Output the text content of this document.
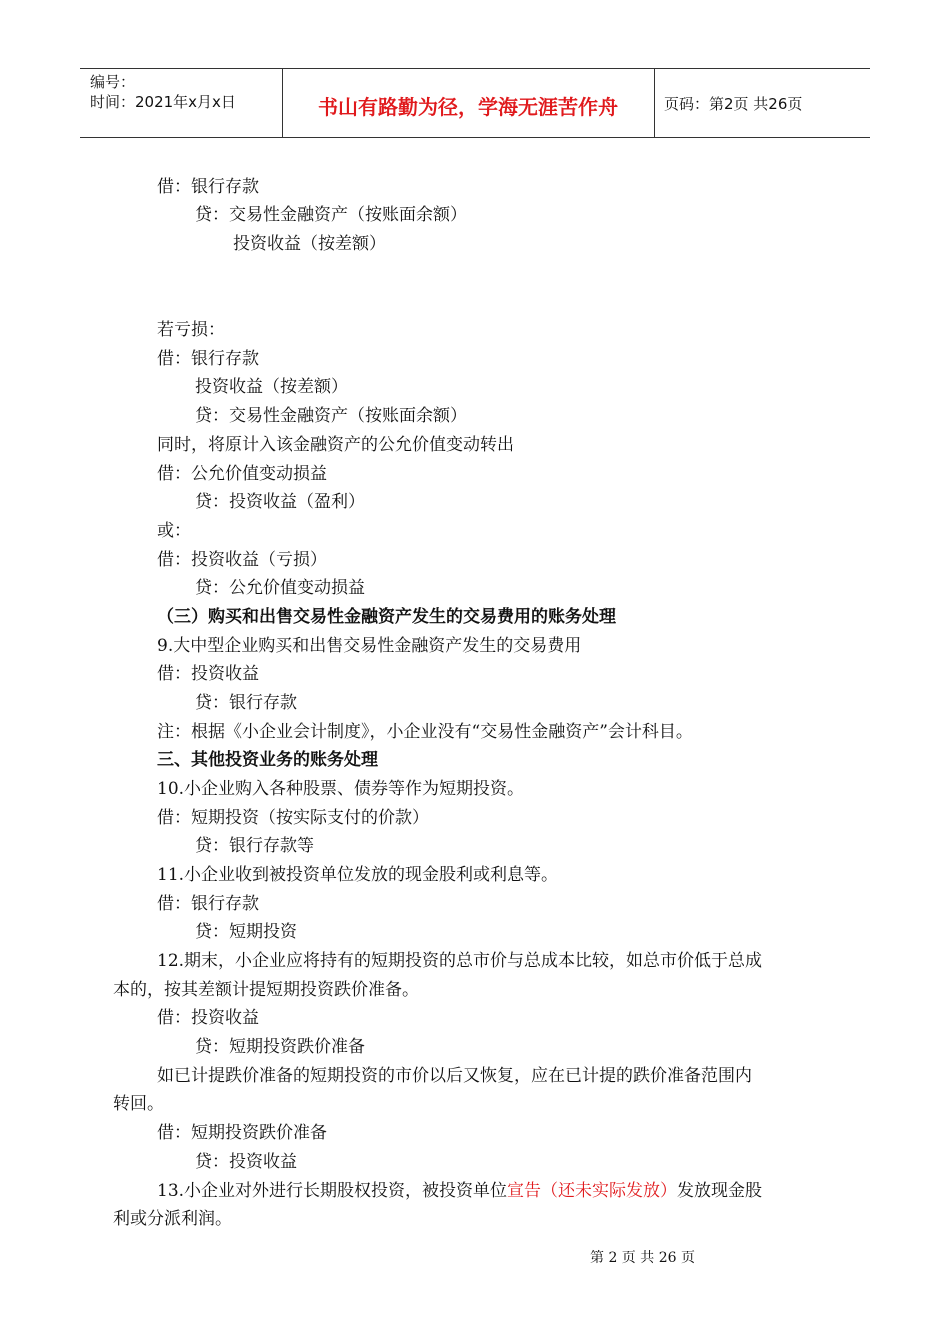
编号：
时间：2021年x月x日	书山有路勤为径，学海无涯苦作舟	页码：第2页 共26页
借：银行存款
贷：交易性金融资产（按账面余额）
投资收益（按差额）
若亏损：
借：银行存款
投资收益（按差额）
贷：交易性金融资产（按账面余额）
同时，将原计入该金融资产的公允价值变动转出
借：公允价值变动损益
贷：投资收益（盈利）
或：
借：投资收益（亏损）
贷：公允价值变动损益
（三）购买和出售交易性金融资产发生的交易费用的账务处理
9.大中型企业购买和出售交易性金融资产发生的交易费用
借：投资收益
贷：银行存款
注：根据《小企业会计制度》，小企业没有“交易性金融资产”会计科目。
三、其他投资业务的账务处理
10.小企业购入各种股票、债券等作为短期投资。
借：短期投资（按实际支付的价款）
贷：银行存款等
11.小企业收到被投资单位发放的现金股利或利息等。
借：银行存款
贷：短期投资
12.期末，小企业应将持有的短期投资的总市价与总成本比较，如总市价低于总成
本的，按其差额计提短期投资跌价准备。
借：投资收益
贷：短期投资跌价准备
如已计提跌价准备的短期投资的市价以后又恢复，应在已计提的跌价准备范围内
转回。
借：短期投资跌价准备
贷：投资收益
13.小企业对外进行长期股权投资，被投资单位宣告（还未实际发放）发放现金股
利或分派利润。
第 2 页 共 26 页
